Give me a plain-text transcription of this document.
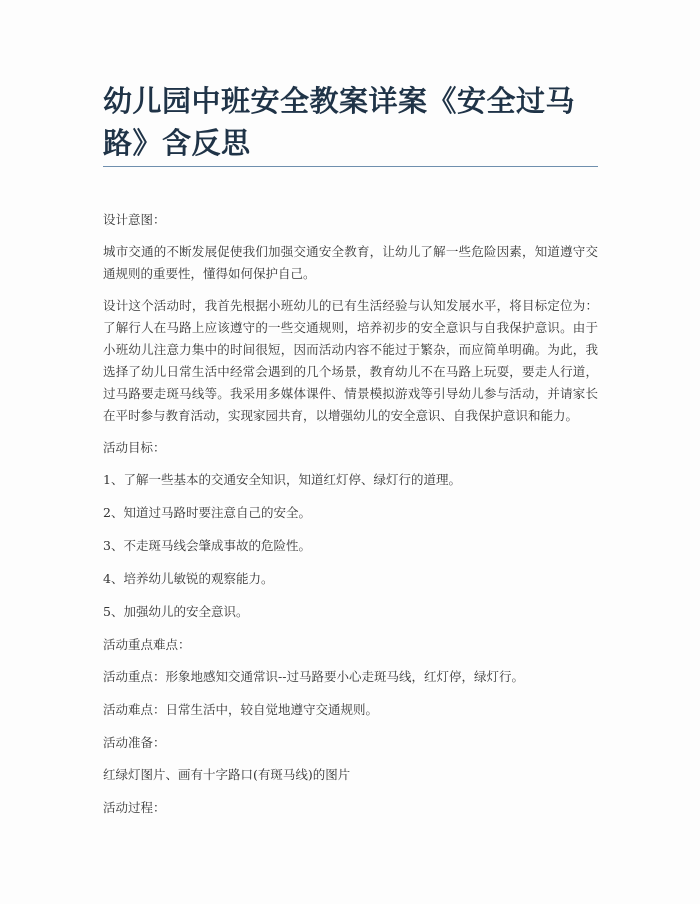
幼儿园中班安全教案详案《安全过马路》含反思

设计意图：

城市交通的不断发展促使我们加强交通安全教育，让幼儿了解一些危险因素，知道遵守交通规则的重要性，懂得如何保护自己。

设计这个活动时，我首先根据小班幼儿的已有生活经验与认知发展水平，将目标定位为：了解行人在马路上应该遵守的一些交通规则，培养初步的安全意识与自我保护意识。由于小班幼儿注意力集中的时间很短，因而活动内容不能过于繁杂，而应简单明确。为此，我选择了幼儿日常生活中经常会遇到的几个场景，教育幼儿不在马路上玩耍，要走人行道，过马路要走斑马线等。我采用多媒体课件、情景模拟游戏等引导幼儿参与活动，并请家长在平时参与教育活动，实现家园共育，以增强幼儿的安全意识、自我保护意识和能力。

活动目标：

1、了解一些基本的交通安全知识，知道红灯停、绿灯行的道理。

2、知道过马路时要注意自己的安全。

3、不走斑马线会肇成事故的危险性。

4、培养幼儿敏锐的观察能力。

5、加强幼儿的安全意识。

活动重点难点：

活动重点：形象地感知交通常识--过马路要小心走斑马线，红灯停，绿灯行。

活动难点：日常生活中，较自觉地遵守交通规则。

活动准备：

红绿灯图片、画有十字路口(有斑马线)的图片

活动过程：
